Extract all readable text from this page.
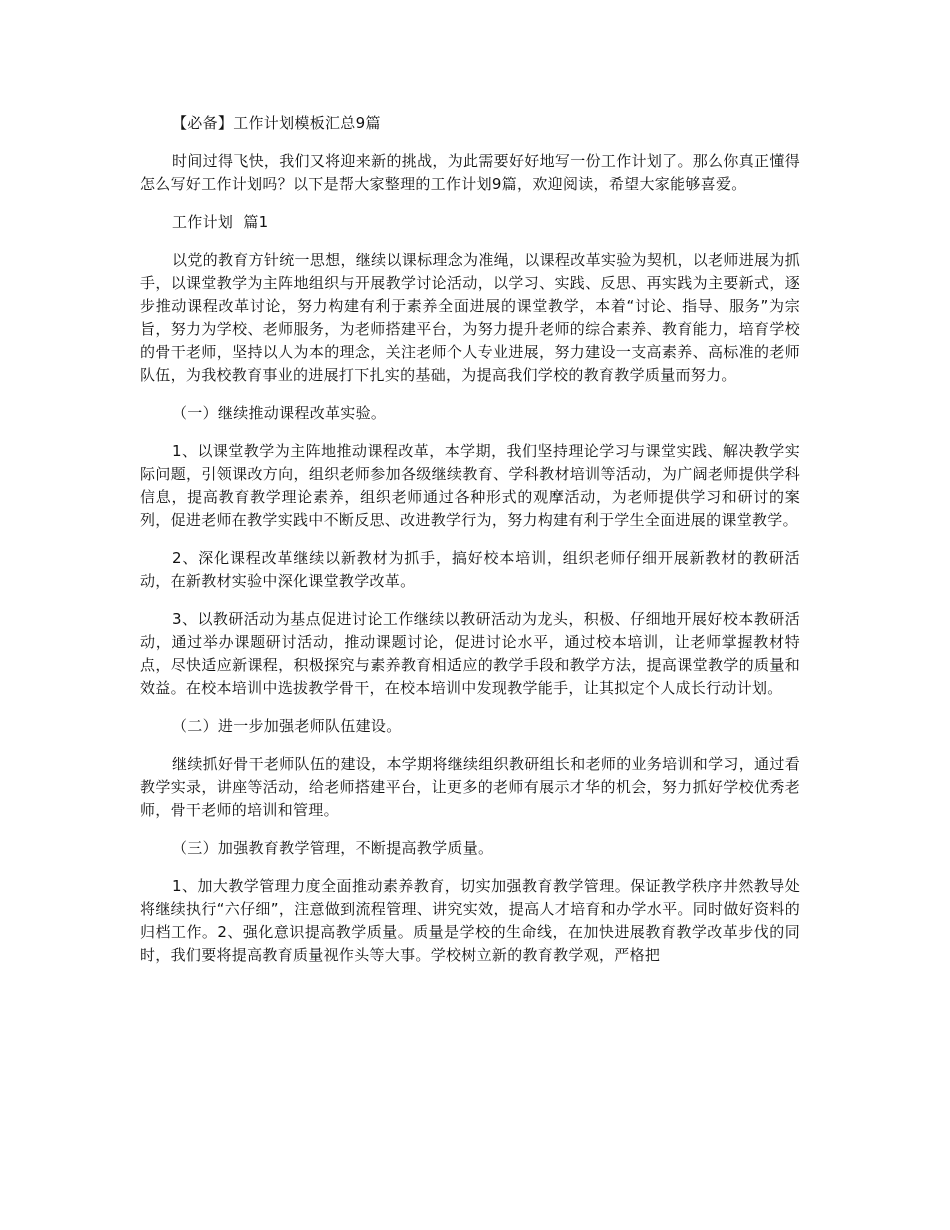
【必备】工作计划模板汇总9篇

时间过得飞快，我们又将迎来新的挑战，为此需要好好地写一份工作计划了。那么你真正懂得怎么写好工作计划吗？以下是帮大家整理的工作计划9篇，欢迎阅读，希望大家能够喜爱。

工作计划  篇1

以党的教育方针统一思想，继续以课标理念为准绳，以课程改革实验为契机，以老师进展为抓手，以课堂教学为主阵地组织与开展教学讨论活动，以学习、实践、反思、再实践为主要新式，逐步推动课程改革讨论，努力构建有利于素养全面进展的课堂教学，本着“讨论、指导、服务”为宗旨，努力为学校、老师服务，为老师搭建平台，为努力提升老师的综合素养、教育能力，培育学校的骨干老师，坚持以人为本的理念，关注老师个人专业进展，努力建设一支高素养、高标准的老师队伍，为我校教育事业的进展打下扎实的基础，为提高我们学校的教育教学质量而努力。

（一）继续推动课程改革实验。

1、以课堂教学为主阵地推动课程改革，本学期，我们坚持理论学习与课堂实践、解决教学实际问题，引领课改方向，组织老师参加各级继续教育、学科教材培训等活动，为广阔老师提供学科信息，提高教育教学理论素养，组织老师通过各种形式的观摩活动，为老师提供学习和研讨的案列，促进老师在教学实践中不断反思、改进教学行为，努力构建有利于学生全面进展的课堂教学。

2、深化课程改革继续以新教材为抓手，搞好校本培训，组织老师仔细开展新教材的教研活动，在新教材实验中深化课堂教学改革。

3、以教研活动为基点促进讨论工作继续以教研活动为龙头，积极、仔细地开展好校本教研活动，通过举办课题研讨活动，推动课题讨论，促进讨论水平，通过校本培训，让老师掌握教材特点，尽快适应新课程，积极探究与素养教育相适应的教学手段和教学方法，提高课堂教学的质量和效益。在校本培训中选拔教学骨干，在校本培训中发现教学能手，让其拟定个人成长行动计划。

（二）进一步加强老师队伍建设。

继续抓好骨干老师队伍的建设，本学期将继续组织教研组长和老师的业务培训和学习，通过看教学实录，讲座等活动，给老师搭建平台，让更多的老师有展示才华的机会，努力抓好学校优秀老师，骨干老师的培训和管理。

（三）加强教育教学管理，不断提高教学质量。

1、加大教学管理力度全面推动素养教育，切实加强教育教学管理。保证教学秩序井然教导处将继续执行“六仔细”，注意做到流程管理、讲究实效，提高人才培育和办学水平。同时做好资料的归档工作。2、强化意识提高教学质量。质量是学校的生命线，在加快进展教育教学改革步伐的同时，我们要将提高教育质量视作头等大事。学校树立新的教育教学观，严格把
